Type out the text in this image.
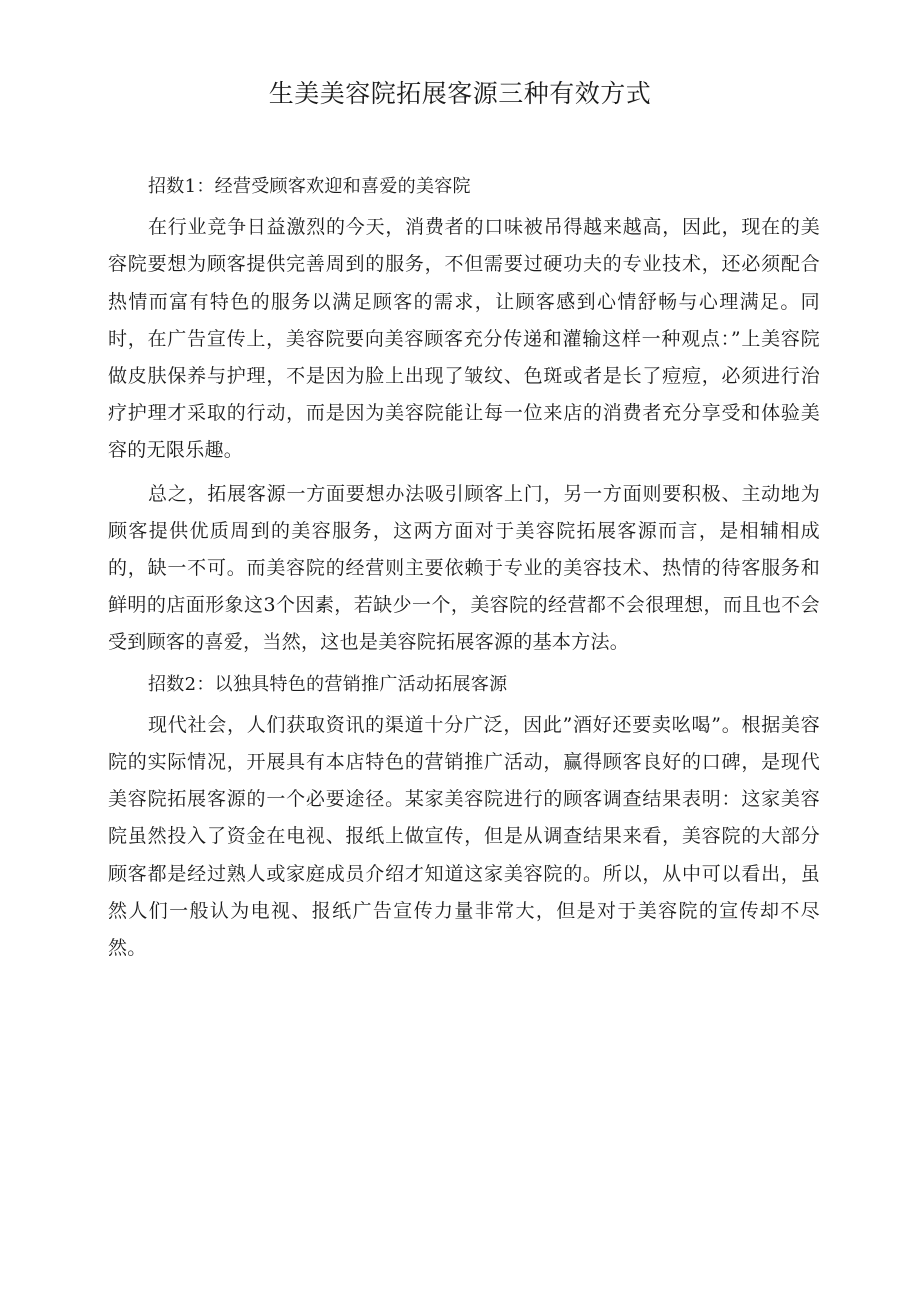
生美美容院拓展客源三种有效方式

招数1：经营受顾客欢迎和喜爱的美容院

在行业竞争日益激烈的今天，消费者的口味被吊得越来越高，因此，现在的美容院要想为顾客提供完善周到的服务，不但需要过硬功夫的专业技术，还必须配合热情而富有特色的服务以满足顾客的需求，让顾客感到心情舒畅与心理满足。同时，在广告宣传上，美容院要向美容顾客充分传递和灌输这样一种观点：”上美容院做皮肤保养与护理，不是因为脸上出现了皱纹、色斑或者是长了痘痘，必须进行治疗护理才采取的行动，而是因为美容院能让每一位来店的消费者充分享受和体验美容的无限乐趣。

总之，拓展客源一方面要想办法吸引顾客上门，另一方面则要积极、主动地为顾客提供优质周到的美容服务，这两方面对于美容院拓展客源而言，是相辅相成的，缺一不可。而美容院的经营则主要依赖于专业的美容技术、热情的待客服务和鲜明的店面形象这3个因素，若缺少一个，美容院的经营都不会很理想，而且也不会受到顾客的喜爱，当然，这也是美容院拓展客源的基本方法。

招数2：以独具特色的营销推广活动拓展客源

现代社会，人们获取资讯的渠道十分广泛，因此”酒好还要卖吆喝”。根据美容院的实际情况，开展具有本店特色的营销推广活动，赢得顾客良好的口碑，是现代美容院拓展客源的一个必要途径。某家美容院进行的顾客调查结果表明：这家美容院虽然投入了资金在电视、报纸上做宣传，但是从调查结果来看，美容院的大部分顾客都是经过熟人或家庭成员介绍才知道这家美容院的。所以，从中可以看出，虽然人们一般认为电视、报纸广告宣传力量非常大，但是对于美容院的宣传却不尽然。
